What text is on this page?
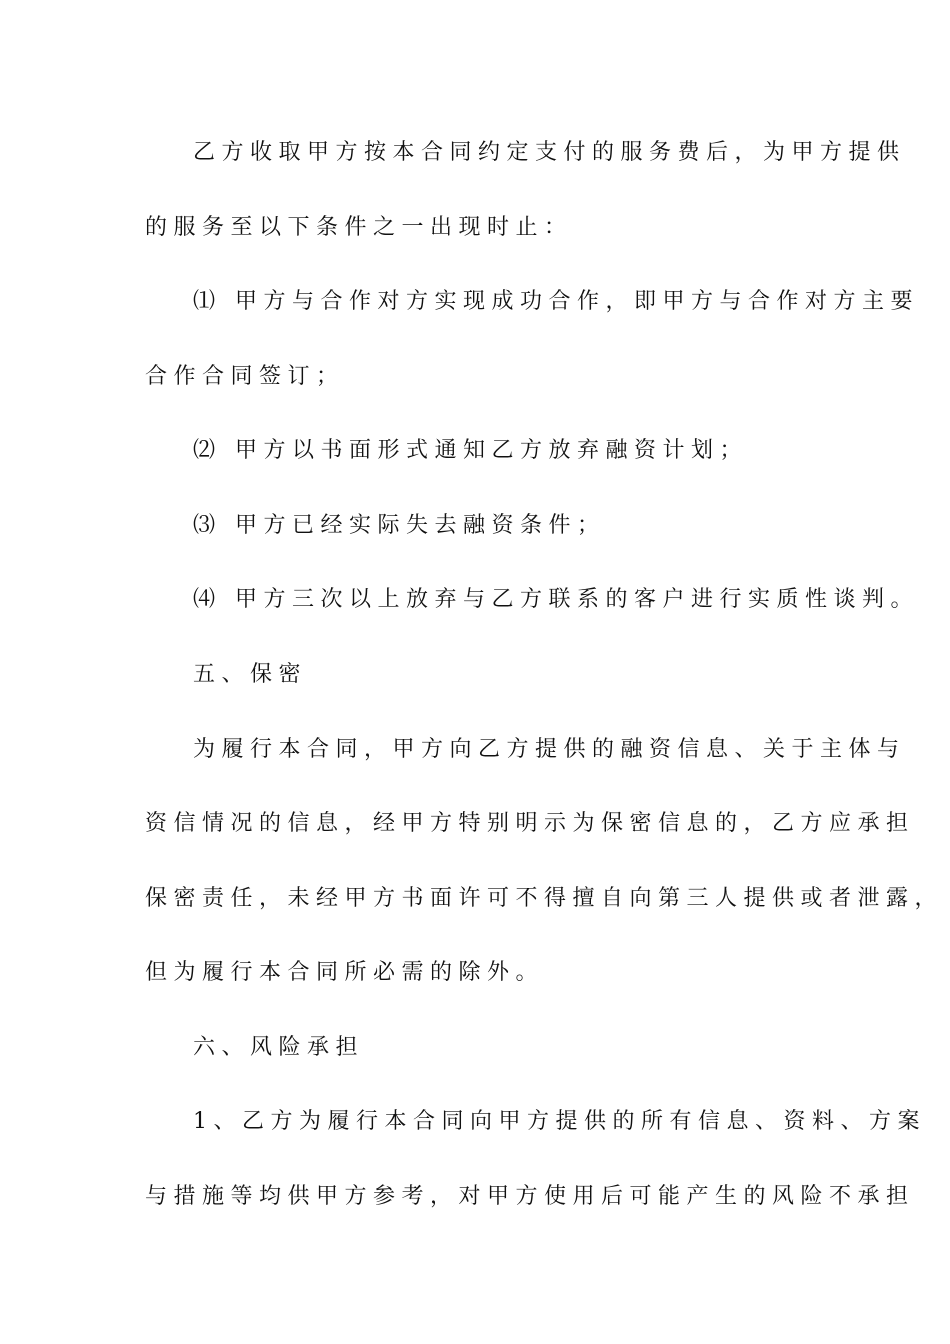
乙方收取甲方按本合同约定支付的服务费后，为甲方提供
的服务至以下条件之一出现时止：
⑴ 甲方与合作对方实现成功合作，即甲方与合作对方主要
合作合同签订；
⑵ 甲方以书面形式通知乙方放弃融资计划；
⑶ 甲方已经实际失去融资条件；
⑷ 甲方三次以上放弃与乙方联系的客户进行实质性谈判。
五、保密
为履行本合同，甲方向乙方提供的融资信息、关于主体与
资信情况的信息，经甲方特别明示为保密信息的，乙方应承担
保密责任，未经甲方书面许可不得擅自向第三人提供或者泄露，
但为履行本合同所必需的除外。
六、风险承担
1、乙方为履行本合同向甲方提供的所有信息、资料、方案
与措施等均供甲方参考，对甲方使用后可能产生的风险不承担
